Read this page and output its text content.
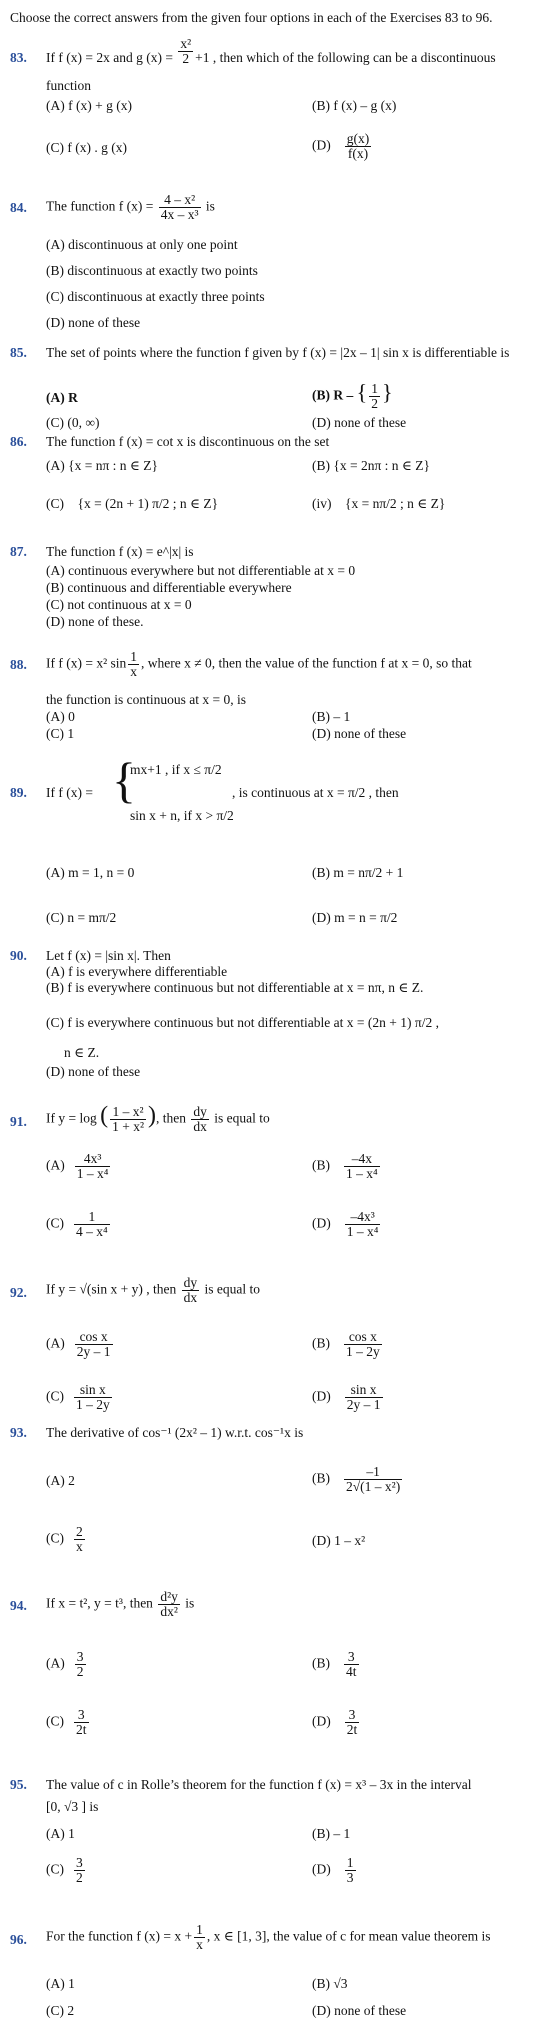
Choose the correct answers from the given four options in each of the Exercises 83 to 96.
83. If f (x) = 2x and g $(x) = \frac{\text{x²}}{2} +1$ , then which of the following can be a discontinuous
function
(A) f (x) + g (x)	(B) f (x) – g (x)
(C) f (x) . g (x)	$(D) \frac{g(x)}{f(x)}$
84. The function f $(x) = \frac{\text{4 – x²}}{\text{4x – x³}}$ is
(A) discontinuous at only one point
(B) discontinuous at exactly two points
(C) discontinuous at exactly three points
(D) none of these
85. The set of points where the function f given by f (x) = |2x – 1| sin x is differentiable is
(A) R	(B) R – { $\frac{1}{2}$ }
(C) (0, ∞)	(D) none of these
86. The function f (x) = cot x is discontinuous on the set
(A) {x = nπ : n ∈ Z}	(B) {x = 2nπ : n ∈ Z}
(C) {x = (2n + 1) π/2 ; n ∈ Z}	(iv) {x = nπ/2 ; n ∈ Z}
87. The function f (x) = e^|x| is
(A) continuous everywhere but not differentiable at x = 0
(B) continuous and differentiable everywhere
(C) not continuous at x = 0
(D) none of these.
88. If f (x) = x² $\sin \frac{1}{x}$ , where x ≠ 0, then the value of the function f at x = 0, so that
the function is continuous at x = 0, is
(A) 0	(B) – 1
(C) 1	(D) none of these
89. If f (x) = {
mx+1 , if x ≤ π/2
sin x + n, if x > π/2
, is continuous at x = π/2 , then
(A) m = 1, n = 0	(B) m = nπ/2 + 1
(C) n = mπ/2	(D) m = n = π/2
90. Let f (x) = |sin x|. Then
(A) f is everywhere differentiable
(B) f is everywhere continuous but not differentiable at x = nπ, n ∈ Z.
(C) f is everywhere continuous but not differentiable at x = (2n + 1) π/2 ,
n ∈ Z.
(D) none of these
91. If y = log ( $\frac{\text{1 – x²}}{\text{1 + x²}}$ ), then $\frac{dy}{dx}$ is equal to
$(A) \frac{\text{4x³}}{\text{1 – x⁴}}$	$(B) \frac{-4x}{\text{1 – x⁴}}$
$(C) \frac{1}{\text{4 – x⁴}}$	$(D) \frac{\text{–4x³}}{\text{1 – x⁴}}$
92. If y = √(sin x + y) , then $\frac{dy}{dx}$ is equal to
$(A) \frac{\text{cos x}}{2y - 1}$	$(B) \frac{\text{cos x}}{1 - 2y}$
$(C) \frac{\text{sin x}}{1 - 2y}$	$(D) \frac{\text{sin x}}{2y - 1}$
93. The derivative of cos⁻¹ (2x² – 1) w.r.t. cos⁻¹x is
(A) 2	$(B) \frac{-1}{\text{2√(1 – x²)}}$
$(C) \frac{2}{x}$	(D) 1 – x²
94. If x = t², y = t³, then $\frac{\text{d²y}}{\text{dx²}}$ is
$(A) \frac{3}{2}$	$(B) \frac{3}{4t}$
$(C) \frac{3}{2t}$	$(D) \frac{3}{2t}$
95. The value of c in Rolle’s theorem for the function f (x) = x³ – 3x in the interval
[0, √3 ] is
(A) 1	(B) – 1
$(C) \frac{3}{2}$	$(D) \frac{1}{3}$
96. For the function f $(x) = x + \frac{1}{x}$ , x ∈ [1, 3], the value of c for mean value theorem is
(A) 1	(B) √3
(C) 2	(D) none of these
